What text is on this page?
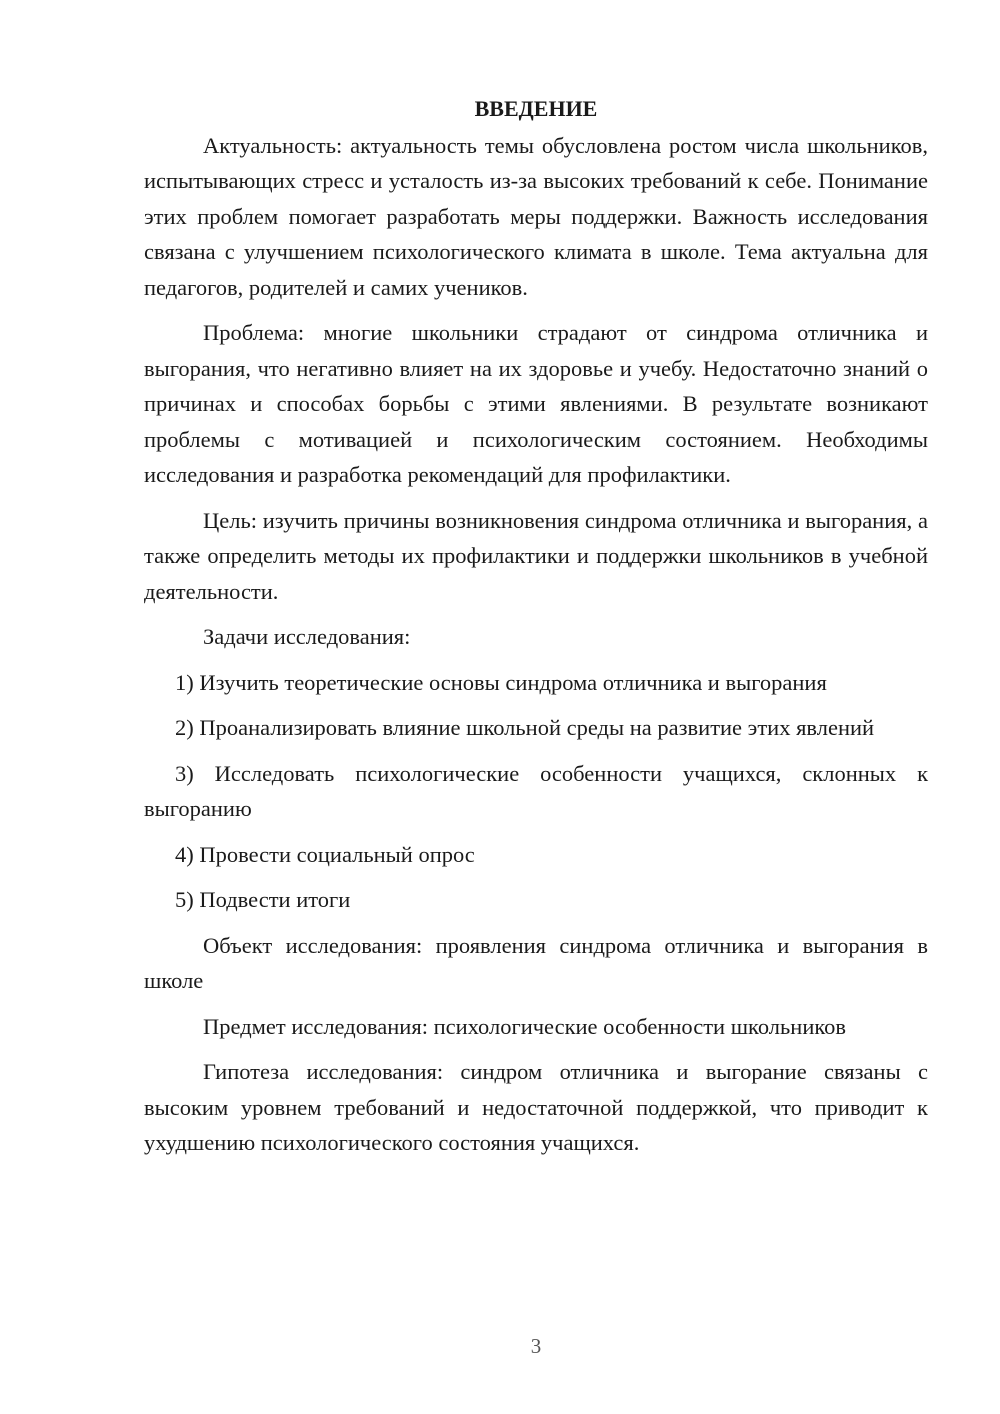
ВВЕДЕНИЕ

Актуальность: актуальность темы обусловлена ростом числа школьников, испытывающих стресс и усталость из-за высоких требований к себе. Понимание этих проблем помогает разработать меры поддержки. Важность исследования связана с улучшением психологического климата в школе. Тема актуальна для педагогов, родителей и самих учеников.

Проблема: многие школьники страдают от синдрома отличника и выгорания, что негативно влияет на их здоровье и учебу. Недостаточно знаний о причинах и способах борьбы с этими явлениями. В результате возникают проблемы с мотивацией и психологическим состоянием. Необходимы исследования и разработка рекомендаций для профилактики.

Цель: изучить причины возникновения синдрома отличника и выгорания, а также определить методы их профилактики и поддержки школьников в учебной деятельности.

Задачи исследования:

1) Изучить теоретические основы синдрома отличника и выгорания

2) Проанализировать влияние школьной среды на развитие этих явлений

3) Исследовать психологические особенности учащихся, склонных к выгоранию

4) Провести социальный опрос

5) Подвести итоги

Объект исследования: проявления синдрома отличника и выгорания в школе

Предмет исследования: психологические особенности школьников

Гипотеза исследования: синдром отличника и выгорание связаны с высоким уровнем требований и недостаточной поддержкой, что приводит к ухудшению психологического состояния учащихся.

3
